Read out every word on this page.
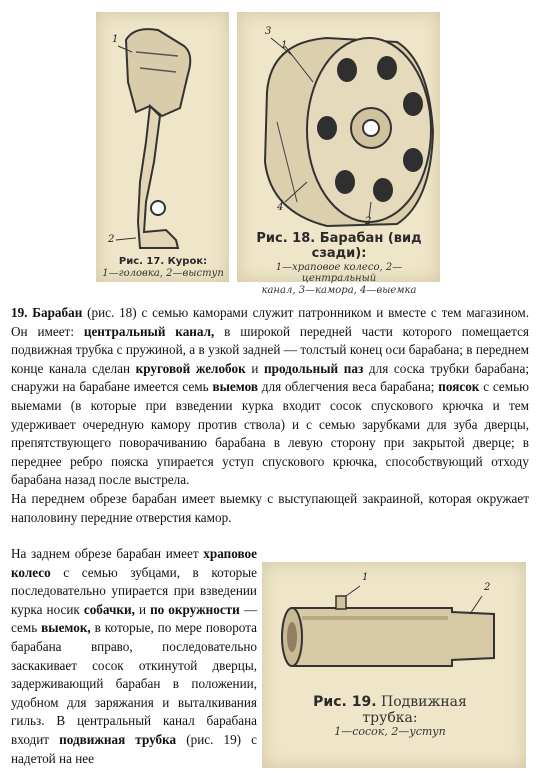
1
2
Рис. 17. Курок:
1—головка, 2—выступ
3
1
4
2
Рис. 18. Барабан (вид сзади):
1—храповое колесо, 2—центральный
канал, 3—камора, 4—выемка

19. Барабан (рис. 18) с семью каморами служит патронником и вместе с тем магазином. Он имеет: центральный канал, в широкой передней части которого помещается подвижная трубка с пружиной, а в узкой задней — толстый конец оси барабана; в переднем конце канала сделан круговой желобок и продольный паз для соска трубки барабана; снаружи на барабане имеется семь выемов для облегчения веса барабана; поясок с семью выемами (в которые при взведении курка входит сосок спускового крючка и тем удерживает очередную камору против ствола) и с семью зарубками для зуба дверцы, препятствующего поворачиванию барабана в левую сторону при закрытой дверце; в переднее ребро пояска упирается уступ спускового крючка, способствующий отходу барабана назад после выстрела.

На переднем обрезе барабан имеет выемку с выступающей закраиной, которая окружает наполовину передние отверстия камор.

На заднем обрезе барабан имеет храповое колесо с семью зубцами, в которые последовательно упирается при взведении курка носик собачки, и по окружности — семь выемок, в которые, по мере поворота барабана вправо, последовательно заскакивает сосок откинутой дверцы, задерживающий барабан в положении, удобном для заряжания и выталкивания гильз. В центральный канал барабана входит подвижная трубка (рис. 19) с надетой на нее

1
2
Рис. 19. Подвижная
трубка:
1—сосок, 2—уступ
